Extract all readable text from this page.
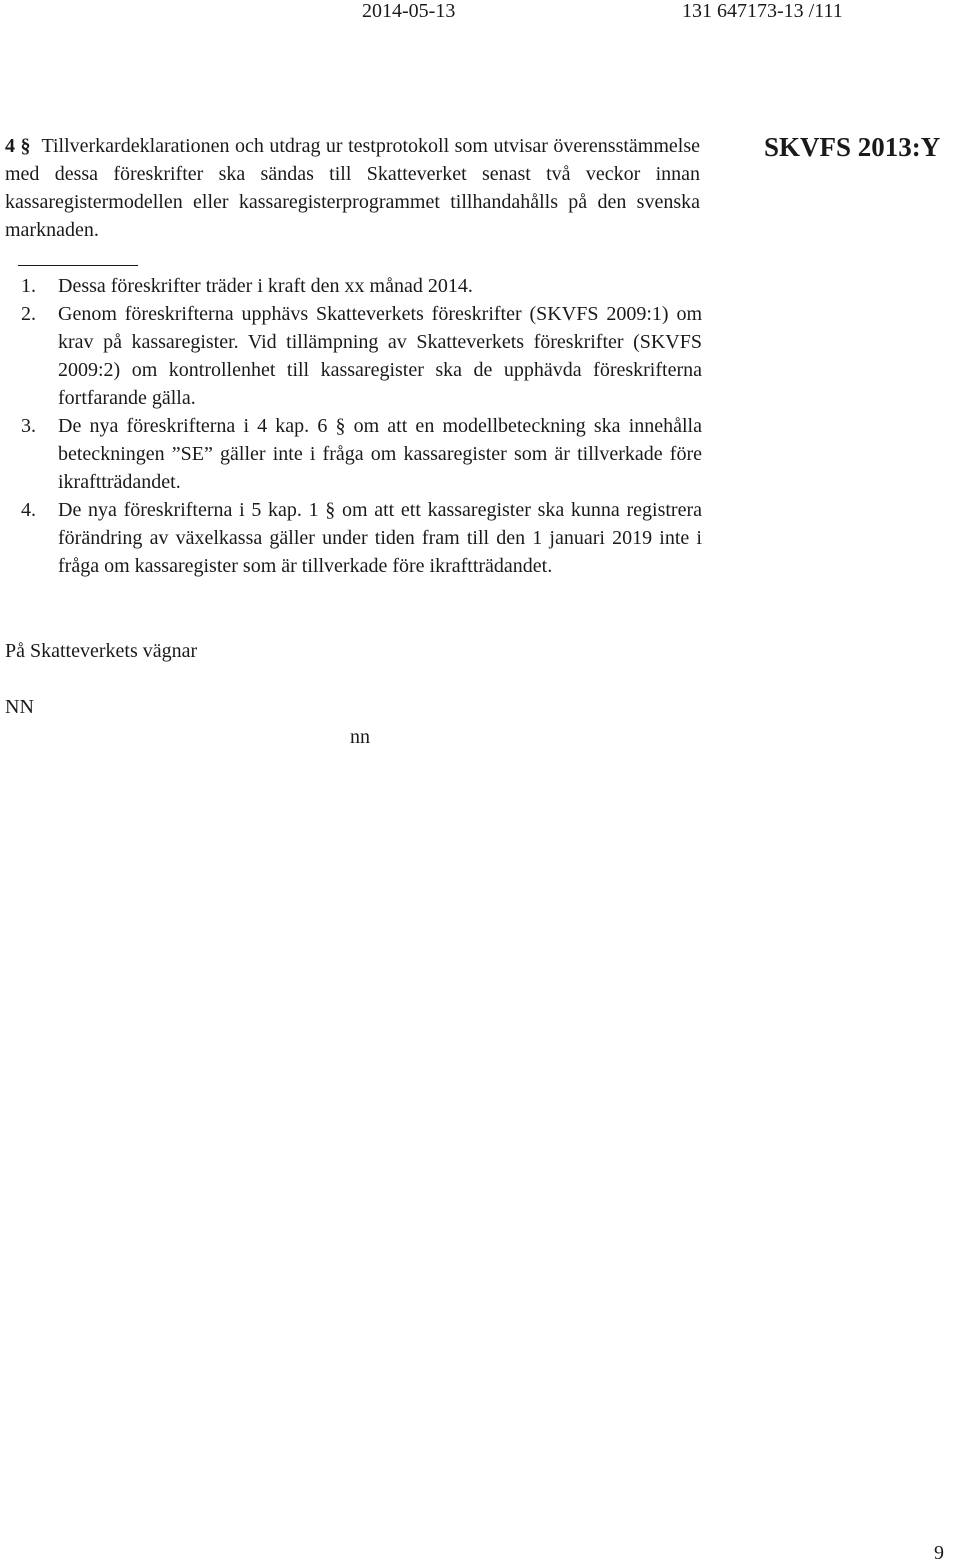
2014-05-13	131 647173-13 /111
SKVFS 2013:Y

4 § Tillverkardeklarationen och utdrag ur testprotokoll som utvisar överensstämmelse med dessa föreskrifter ska sändas till Skatteverket senast två veckor innan kassaregistermodellen eller kassaregisterprogrammet tillhandahålls på den svenska marknaden.

1. Dessa föreskrifter träder i kraft den xx månad 2014.
2. Genom föreskrifterna upphävs Skatteverkets föreskrifter (SKVFS 2009:1) om krav på kassaregister. Vid tillämpning av Skatteverkets föreskrifter (SKVFS 2009:2) om kontrollenhet till kassaregister ska de upphävda föreskrifterna fortfarande gälla.
3. De nya föreskrifterna i 4 kap. 6 § om att en modellbeteckning ska innehålla beteckningen ”SE” gäller inte i fråga om kassaregister som är tillverkade före ikraftträdandet.
4. De nya föreskrifterna i 5 kap. 1 § om att ett kassaregister ska kunna registrera förändring av växelkassa gäller under tiden fram till den 1 januari 2019 inte i fråga om kassaregister som är tillverkade före ikraftträdandet.
På Skatteverkets vägnar
NN
nn
9
